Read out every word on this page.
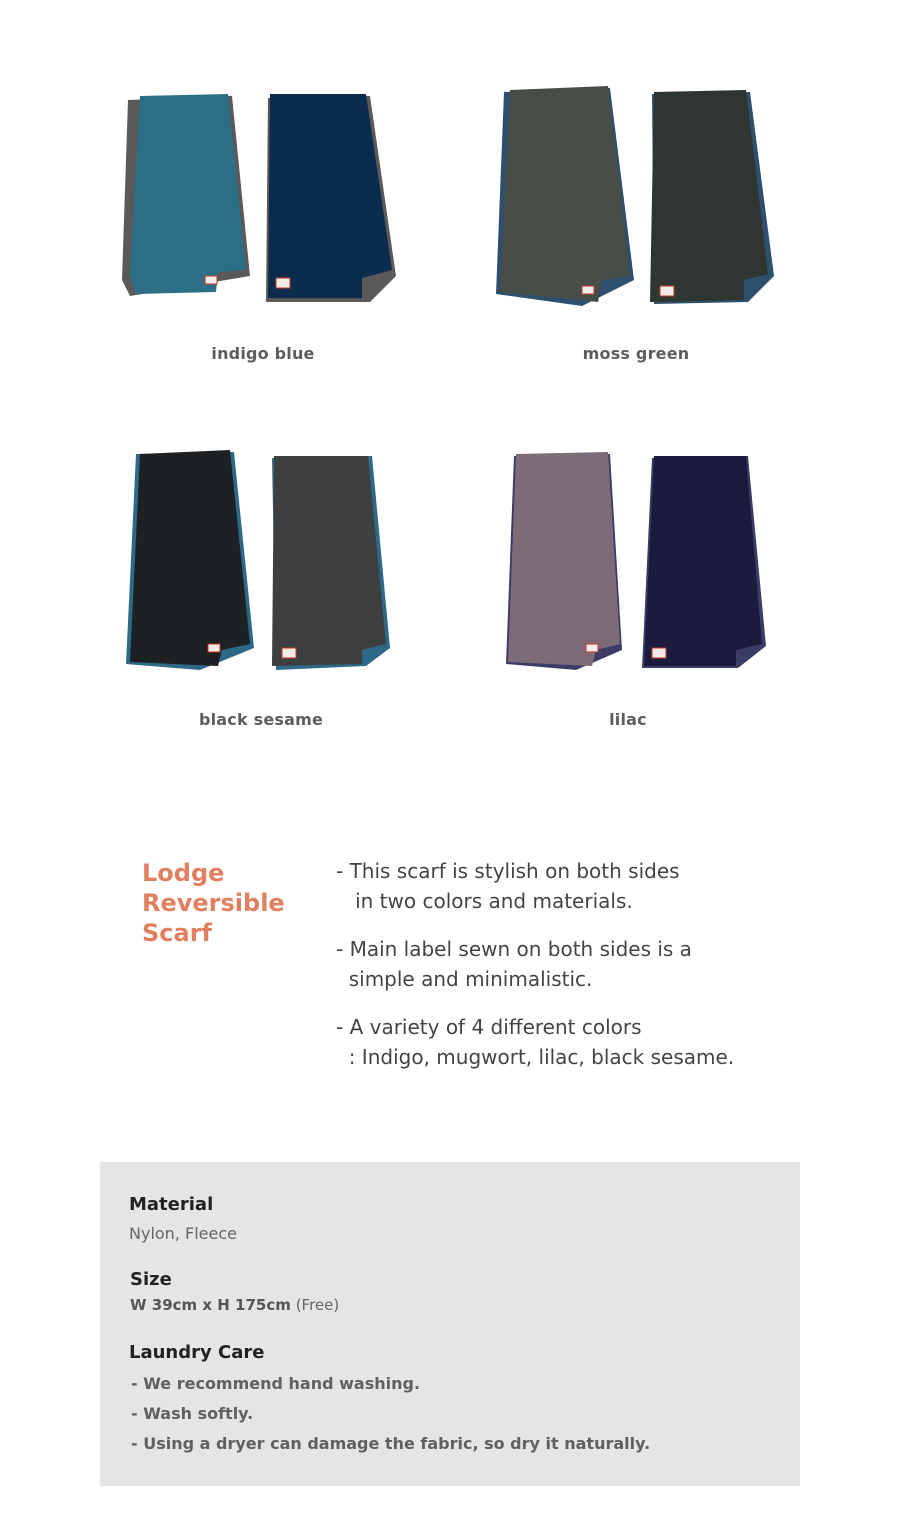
indigo blue	moss green
black sesame	lilac
Lodge
Reversible
Scarf
- This scarf is stylish on both sides
in two colors and materials.
- Main label sewn on both sides is a
simple and minimalistic.
- A variety of 4 different colors
: Indigo, mugwort, lilac, black sesame.
Material
Nylon, Fleece
Size
W 39cm x H 175cm (Free)
Laundry Care
- We recommend hand washing.
- Wash softly.
- Using a dryer can damage the fabric, so dry it naturally.
